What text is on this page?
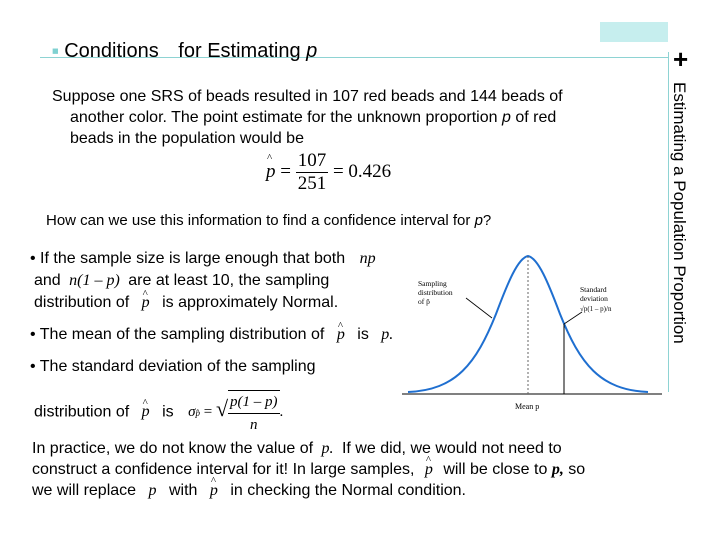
+
■ Conditions for Estimating p
Estimating a Population Proportion
Suppose one SRS of beads resulted in 107 red beads and 144 beads of
another color. The point estimate for the unknown proportion p of red
beads in the population would be
^ $p = \frac{107}{251} = 0.426$
How can we use this information to find a confidence interval for p?
• If the sample size is large enough that both np
and n(1 – p) are at least 10, the sampling
distribution of ^ p is approximately Normal.
• The mean of the sampling distribution of ^ p is p.
• The standard deviation of the sampling
distribution of ^ p is σp̂ = √ $\frac{p(1 - p)}{n}$ .
Sampling
distribution
of p̂
Standard
deviation
√p(1 – p)/n
Mean p
In practice, we do not know the value of p. If we did, we would not need to
construct a confidence interval for it! In large samples, ^ p will be close to p, so
we will replace p with ^ p in checking the Normal condition.
